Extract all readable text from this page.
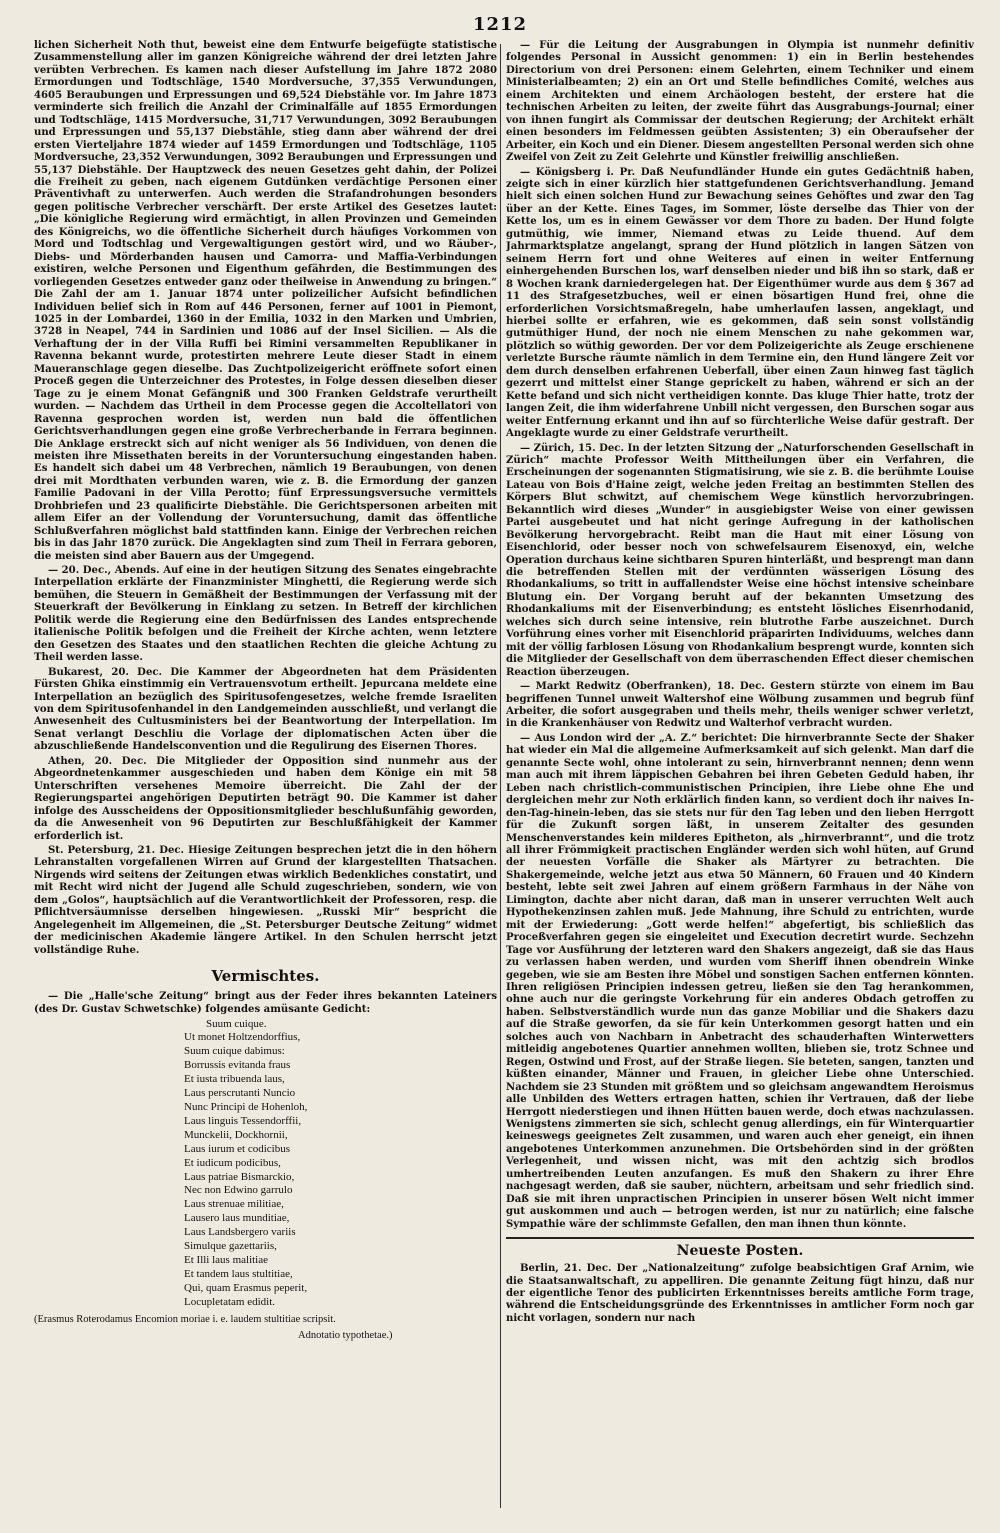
1212

lichen Sicherheit Noth thut, beweist eine dem Entwurfe beigefügte statistische Zusammenstellung aller im ganzen Königreiche während der drei letzten Jahre verübten Verbrechen. Es kamen nach dieser Aufstellung im Jahre 1872 2080 Ermordungen und Todtschläge, 1540 Mordversuche, 37,355 Verwundungen, 4605 Beraubungen und Erpressungen und 69,524 Diebstähle vor. Im Jahre 1873 verminderte sich freilich die Anzahl der Criminalfälle auf 1855 Ermordungen und Todtschläge, 1415 Mordversuche, 31,717 Verwundungen, 3092 Beraubungen und Erpressungen und 55,137 Diebstähle, stieg dann aber während der drei ersten Vierteljahre 1874 wieder auf 1459 Ermordungen und Todtschläge, 1105 Mordversuche, 23,352 Verwundungen, 3092 Beraubungen und Erpressungen und 55,137 Diebstähle. Der Hauptzweck des neuen Gesetzes geht dahin, der Polizei die Freiheit zu geben, nach eigenem Gutdünken verdächtige Personen einer Präventivhaft zu unterwerfen. Auch werden die Strafandrohungen besonders gegen politische Verbrecher verschärft. Der erste Artikel des Gesetzes lautet: „Die königliche Regierung wird ermächtigt, in allen Provinzen und Gemeinden des Königreichs, wo die öffentliche Sicherheit durch häufiges Vorkommen von Mord und Todtschlag und Vergewaltigungen gestört wird, und wo Räuber-, Diebs- und Mörderbanden hausen und Camorra- und Maffia-Verbindungen existiren, welche Personen und Eigenthum gefährden, die Bestimmungen des vorliegenden Gesetzes entweder ganz oder theilweise in Anwendung zu bringen.“ Die Zahl der am 1. Januar 1874 unter polizeilicher Aufsicht befindlichen Individuen belief sich in Rom auf 446 Personen, ferner auf 1001 in Piemont, 1025 in der Lombardei, 1360 in der Emilia, 1032 in den Marken und Umbrien, 3728 in Neapel, 744 in Sardinien und 1086 auf der Insel Sicilien. — Als die Verhaftung der in der Villa Ruffi bei Rimini versammelten Republikaner in Ravenna bekannt wurde, protestirten mehrere Leute dieser Stadt in einem Maueranschlage gegen dieselbe. Das Zuchtpolizeigericht eröffnete sofort einen Proceß gegen die Unterzeichner des Protestes, in Folge dessen dieselben dieser Tage zu je einem Monat Gefängniß und 300 Franken Geldstrafe verurtheilt wurden. — Nachdem das Urtheil in dem Processe gegen die Accoltellatori von Ravenna gesprochen worden ist, werden nun bald die öffentlichen Gerichtsverhandlungen gegen eine große Verbrecherbande in Ferrara beginnen. Die Anklage erstreckt sich auf nicht weniger als 56 Individuen, von denen die meisten ihre Missethaten bereits in der Voruntersuchung eingestanden haben. Es handelt sich dabei um 48 Verbrechen, nämlich 19 Beraubungen, von denen drei mit Mordthaten verbunden waren, wie z. B. die Ermordung der ganzen Familie Padovani in der Villa Perotto; fünf Erpressungsversuche vermittels Drohbriefen und 23 qualificirte Diebstähle. Die Gerichtspersonen arbeiten mit allem Eifer an der Vollendung der Voruntersuchung, damit das öffentliche Schlußverfahren möglichst bald stattfinden kann. Einige der Verbrechen reichen bis in das Jahr 1870 zurück. Die Angeklagten sind zum Theil in Ferrara geboren, die meisten sind aber Bauern aus der Umgegend.

— 20. Dec., Abends. Auf eine in der heutigen Sitzung des Senates eingebrachte Interpellation erklärte der Finanzminister Minghetti, die Regierung werde sich bemühen, die Steuern in Gemäßheit der Bestimmungen der Verfassung mit der Steuerkraft der Bevölkerung in Einklang zu setzen. In Betreff der kirchlichen Politik werde die Regierung eine den Bedürfnissen des Landes entsprechende italienische Politik befolgen und die Freiheit der Kirche achten, wenn letztere den Gesetzen des Staates und den staatlichen Rechten die gleiche Achtung zu Theil werden lasse.

Bukarest, 20. Dec. Die Kammer der Abgeordneten hat dem Präsidenten Fürsten Ghika einstimmig ein Vertrauensvotum ertheilt. Jepurcana meldete eine Interpellation an bezüglich des Spiritusofengesetzes, welche fremde Israeliten von dem Spiritusofenhandel in den Landgemeinden ausschließt, und verlangt die Anwesenheit des Cultusministers bei der Beantwortung der Interpellation. Im Senat verlangt Deschliu die Vorlage der diplomatischen Acten über die abzuschließende Handelsconvention und die Regulirung des Eisernen Thores.

Athen, 20. Dec. Die Mitglieder der Opposition sind nunmehr aus der Abgeordnetenkammer ausgeschieden und haben dem Könige ein mit 58 Unterschriften versehenes Memoire überreicht. Die Zahl der der Regierungspartei angehörigen Deputirten beträgt 90. Die Kammer ist daher infolge des Ausscheidens der Oppositionsmitglieder beschlußunfähig geworden, da die Anwesenheit von 96 Deputirten zur Beschlußfähigkeit der Kammer erforderlich ist.

St. Petersburg, 21. Dec. Hiesige Zeitungen besprechen jetzt die in den höhern Lehranstalten vorgefallenen Wirren auf Grund der klargestellten Thatsachen. Nirgends wird seitens der Zeitungen etwas wirklich Bedenkliches constatirt, und mit Recht wird nicht der Jugend alle Schuld zugeschrieben, sondern, wie von dem „Golos“, hauptsächlich auf die Verantwortlichkeit der Professoren, resp. die Pflichtversäumnisse derselben hingewiesen. „Russki Mir“ bespricht die Angelegenheit im Allgemeinen, die „St. Petersburger Deutsche Zeitung“ widmet der medicinischen Akademie längere Artikel. In den Schulen herrscht jetzt vollständige Ruhe.

Vermischtes.

— Die „Halle'sche Zeitung“ bringt aus der Feder ihres bekannten Lateiners (des Dr. Gustav Schwetschke) folgendes amüsante Gedicht:

Suum cuique.
Ut monet Holtzendorffius,
Suum cuique dabimus:
Borrussis evitanda fraus
Et iusta tribuenda laus,
Laus perscrutanti Nuncio
Nunc Principi de Hohenloh,
Laus linguis Tessendorffii,
Munckelii, Dockhornii,
Laus iurum et codicibus
Et iudicum podicibus,
Laus patriae Bismarckio,
Nec non Edwino garrulo
Laus strenuae militiae,
Lausero laus munditiae,
Laus Landsbergero variis
Simulque gazettariis,
Et Illi laus malitiae
Et tandem laus stultitiae,
Qui, quam Erasmus peperit,
Locupletatam edidit.
(Erasmus Roterodamus Encomion moriae i. e. laudem stultitiae scripsit.
Adnotatio typothetae.)

— Für die Leitung der Ausgrabungen in Olympia ist nunmehr definitiv folgendes Personal in Aussicht genommen: 1) ein in Berlin bestehendes Directorium von drei Personen: einem Gelehrten, einem Techniker und einem Ministerialbeamten; 2) ein an Ort und Stelle befindliches Comité, welches aus einem Architekten und einem Archäologen besteht, der erstere hat die technischen Arbeiten zu leiten, der zweite führt das Ausgrabungs-Journal; einer von ihnen fungirt als Commissar der deutschen Regierung; der Architekt erhält einen besonders im Feldmessen geübten Assistenten; 3) ein Oberaufseher der Arbeiter, ein Koch und ein Diener. Diesem angestellten Personal werden sich ohne Zweifel von Zeit zu Zeit Gelehrte und Künstler freiwillig anschließen.

— Königsberg i. Pr. Daß Neufundländer Hunde ein gutes Gedächtniß haben, zeigte sich in einer kürzlich hier stattgefundenen Gerichtsverhandlung. Jemand hielt sich einen solchen Hund zur Bewachung seines Gehöftes und zwar den Tag über an der Kette. Eines Tages, im Sommer, löste derselbe das Thier von der Kette los, um es in einem Gewässer vor dem Thore zu baden. Der Hund folgte gutmüthig, wie immer, Niemand etwas zu Leide thuend. Auf dem Jahrmarktsplatze angelangt, sprang der Hund plötzlich in langen Sätzen von seinem Herrn fort und ohne Weiteres auf einen in weiter Entfernung einhergehenden Burschen los, warf denselben nieder und biß ihn so stark, daß er 8 Wochen krank darniedergelegen hat. Der Eigenthümer wurde aus dem § 367 ad 11 des Strafgesetzbuches, weil er einen bösartigen Hund frei, ohne die erforderlichen Vorsichtsmaßregeln, habe umherlaufen lassen, angeklagt, und hierbei sollte er erfahren, wie es gekommen, daß sein sonst vollständig gutmüthiger Hund, der noch nie einem Menschen zu nahe gekommen war, plötzlich so wüthig geworden. Der vor dem Polizeigerichte als Zeuge erschienene verletzte Bursche räumte nämlich in dem Termine ein, den Hund längere Zeit vor dem durch denselben erfahrenen Ueberfall, über einen Zaun hinweg fast täglich gezerrt und mittelst einer Stange geprickelt zu haben, während er sich an der Kette befand und sich nicht vertheidigen konnte. Das kluge Thier hatte, trotz der langen Zeit, die ihm widerfahrene Unbill nicht vergessen, den Burschen sogar aus weiter Entfernung erkannt und ihn auf so fürchterliche Weise dafür gestraft. Der Angeklagte wurde zu einer Geldstrafe verurtheilt.

— Zürich, 15. Dec. In der letzten Sitzung der „Naturforschenden Gesellschaft in Zürich“ machte Professor Weith Mittheilungen über ein Verfahren, die Erscheinungen der sogenannten Stigmatisirung, wie sie z. B. die berühmte Louise Lateau von Bois d'Haine zeigt, welche jeden Freitag an bestimmten Stellen des Körpers Blut schwitzt, auf chemischem Wege künstlich hervorzubringen. Bekanntlich wird dieses „Wunder“ in ausgiebigster Weise von einer gewissen Partei ausgebeutet und hat nicht geringe Aufregung in der katholischen Bevölkerung hervorgebracht. Reibt man die Haut mit einer Lösung von Eisenchlorid, oder besser noch von schwefelsaurem Eisenoxyd, ein, welche Operation durchaus keine sichtbaren Spuren hinterläßt, und besprengt man dann die betreffenden Stellen mit der verdünnten wässerigen Lösung des Rhodankaliums, so tritt in auffallendster Weise eine höchst intensive scheinbare Blutung ein. Der Vorgang beruht auf der bekannten Umsetzung des Rhodankaliums mit der Eisenverbindung; es entsteht lösliches Eisenrhodanid, welches sich durch seine intensive, rein blutrothe Farbe auszeichnet. Durch Vorführung eines vorher mit Eisenchlorid präparirten Individuums, welches dann mit der völlig farblosen Lösung von Rhodankalium besprengt wurde, konnten sich die Mitglieder der Gesellschaft von dem überraschenden Effect dieser chemischen Reaction überzeugen.

— Markt Redwitz (Oberfranken), 18. Dec. Gestern stürzte von einem im Bau begriffenen Tunnel unweit Waltershof eine Wölbung zusammen und begrub fünf Arbeiter, die sofort ausgegraben und theils mehr, theils weniger schwer verletzt, in die Krankenhäuser von Redwitz und Walterhof verbracht wurden.

— Aus London wird der „A. Z.“ berichtet: Die hirnverbrannte Secte der Shaker hat wieder ein Mal die allgemeine Aufmerksamkeit auf sich gelenkt. Man darf die genannte Secte wohl, ohne intolerant zu sein, hirnverbrannt nennen; denn wenn man auch mit ihrem läppischen Gebahren bei ihren Gebeten Geduld haben, ihr Leben nach christlich-communistischen Principien, ihre Liebe ohne Ehe und dergleichen mehr zur Noth erklärlich finden kann, so verdient doch ihr naives In-den-Tag-hinein-leben, das sie stets nur für den Tag leben und den lieben Herrgott für die Zukunft sorgen läßt, in unserem Zeitalter des gesunden Menschenverstandes kein milderes Epitheton, als „hirnverbrannt“, und die trotz all ihrer Frömmigkeit practischen Engländer werden sich wohl hüten, auf Grund der neuesten Vorfälle die Shaker als Märtyrer zu betrachten. Die Shakergemeinde, welche jetzt aus etwa 50 Männern, 60 Frauen und 40 Kindern besteht, lebte seit zwei Jahren auf einem größern Farmhaus in der Nähe von Limington, dachte aber nicht daran, daß man in unserer verruchten Welt auch Hypothekenzinsen zahlen muß. Jede Mahnung, ihre Schuld zu entrichten, wurde mit der Erwiederung: „Gott werde helfen!“ abgefertigt, bis schließlich das Proceßverfahren gegen sie eingeleitet und Execution decretirt wurde. Sechzehn Tage vor Ausführung der letzteren ward den Shakers angezeigt, daß sie das Haus zu verlassen haben werden, und wurden vom Sheriff ihnen obendrein Winke gegeben, wie sie am Besten ihre Möbel und sonstigen Sachen entfernen könnten. Ihren religiösen Principien indessen getreu, ließen sie den Tag herankommen, ohne auch nur die geringste Vorkehrung für ein anderes Obdach getroffen zu haben. Selbstverständlich wurde nun das ganze Mobiliar und die Shakers dazu auf die Straße geworfen, da sie für kein Unterkommen gesorgt hatten und ein solches auch von Nachbarn in Anbetracht des schauderhaften Winterwetters mitleidig angebotenes Quartier annehmen wollten, blieben sie, trotz Schnee und Regen, Ostwind und Frost, auf der Straße liegen. Sie beteten, sangen, tanzten und küßten einander, Männer und Frauen, in gleicher Liebe ohne Unterschied. Nachdem sie 23 Stunden mit größtem und so gleichsam angewandtem Heroismus alle Unbilden des Wetters ertragen hatten, schien ihr Vertrauen, daß der liebe Herrgott niederstiegen und ihnen Hütten bauen werde, doch etwas nachzulassen. Wenigstens zimmerten sie sich, schlecht genug allerdings, ein für Winterquartier keineswegs geeignetes Zelt zusammen, und waren auch eher geneigt, ein ihnen angebotenes Unterkommen anzunehmen. Die Ortsbehörden sind in der größten Verlegenheit, und wissen nicht, was mit den achtzig sich brodlos umhertreibenden Leuten anzufangen. Es muß den Shakern zu ihrer Ehre nachgesagt werden, daß sie sauber, nüchtern, arbeitsam und sehr friedlich sind. Daß sie mit ihren unpractischen Principien in unserer bösen Welt nicht immer gut auskommen und auch — betrogen werden, ist nur zu natürlich; eine falsche Sympathie wäre der schlimmste Gefallen, den man ihnen thun könnte.

Neueste Posten.

Berlin, 21. Dec. Der „Nationalzeitung“ zufolge beabsichtigen Graf Arnim, wie die Staatsanwaltschaft, zu appelliren. Die genannte Zeitung fügt hinzu, daß nur der eigentliche Tenor des publicirten Erkenntnisses bereits amtliche Form trage, während die Entscheidungsgründe des Erkenntnisses in amtlicher Form noch gar nicht vorlagen, sondern nur nach
